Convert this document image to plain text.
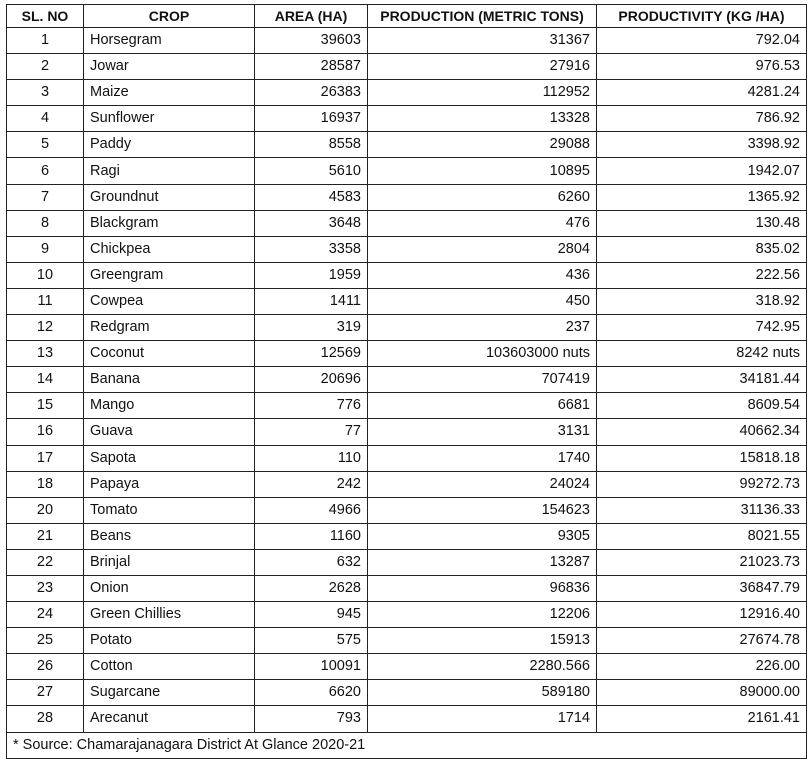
SL. NO	CROP	AREA (HA)	PRODUCTION (METRIC TONS)	PRODUCTIVITY (KG /HA)
1	Horsegram	39603	31367	792.04
2	Jowar	28587	27916	976.53
3	Maize	26383	112952	4281.24
4	Sunflower	16937	13328	786.92
5	Paddy	8558	29088	3398.92
6	Ragi	5610	10895	1942.07
7	Groundnut	4583	6260	1365.92
8	Blackgram	3648	476	130.48
9	Chickpea	3358	2804	835.02
10	Greengram	1959	436	222.56
11	Cowpea	1411	450	318.92
12	Redgram	319	237	742.95
13	Coconut	12569	103603000 nuts	8242 nuts
14	Banana	20696	707419	34181.44
15	Mango	776	6681	8609.54
16	Guava	77	3131	40662.34
17	Sapota	110	1740	15818.18
18	Papaya	242	24024	99272.73
20	Tomato	4966	154623	31136.33
21	Beans	1160	9305	8021.55
22	Brinjal	632	13287	21023.73
23	Onion	2628	96836	36847.79
24	Green Chillies	945	12206	12916.40
25	Potato	575	15913	27674.78
26	Cotton	10091	2280.566	226.00
27	Sugarcane	6620	589180	89000.00
28	Arecanut	793	1714	2161.41
* Source: Chamarajanagara District At Glance 2020-21				
